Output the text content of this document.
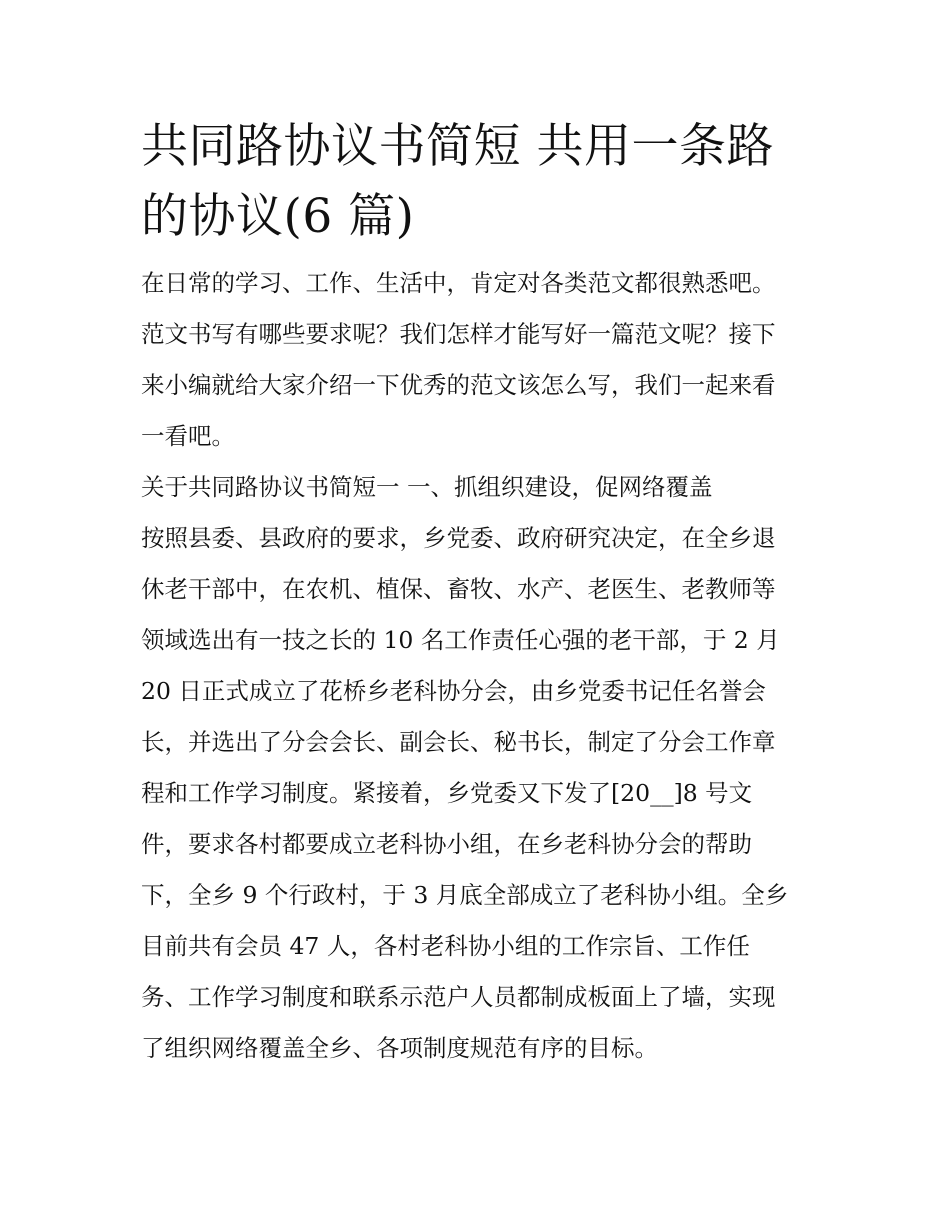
共同路协议书简短 共用一条路
的协议(6 篇)

在日常的学习、工作、生活中，肯定对各类范文都很熟悉吧。

范文书写有哪些要求呢？我们怎样才能写好一篇范文呢？接下

来小编就给大家介绍一下优秀的范文该怎么写，我们一起来看

一看吧。

关于共同路协议书简短一 一、抓组织建设，促网络覆盖

按照县委、县政府的要求，乡党委、政府研究决定，在全乡退

休老干部中，在农机、植保、畜牧、水产、老医生、老教师等

领域选出有一技之长的 10 名工作责任心强的老干部，于 2 月

20 日正式成立了花桥乡老科协分会，由乡党委书记任名誉会

长，并选出了分会会长、副会长、秘书长，制定了分会工作章

程和工作学习制度。紧接着，乡党委又下发了[20__]8 号文

件，要求各村都要成立老科协小组，在乡老科协分会的帮助

下，全乡 9 个行政村，于 3 月底全部成立了老科协小组。全乡

目前共有会员 47 人，各村老科协小组的工作宗旨、工作任

务、工作学习制度和联系示范户人员都制成板面上了墙，实现

了组织网络覆盖全乡、各项制度规范有序的目标。
